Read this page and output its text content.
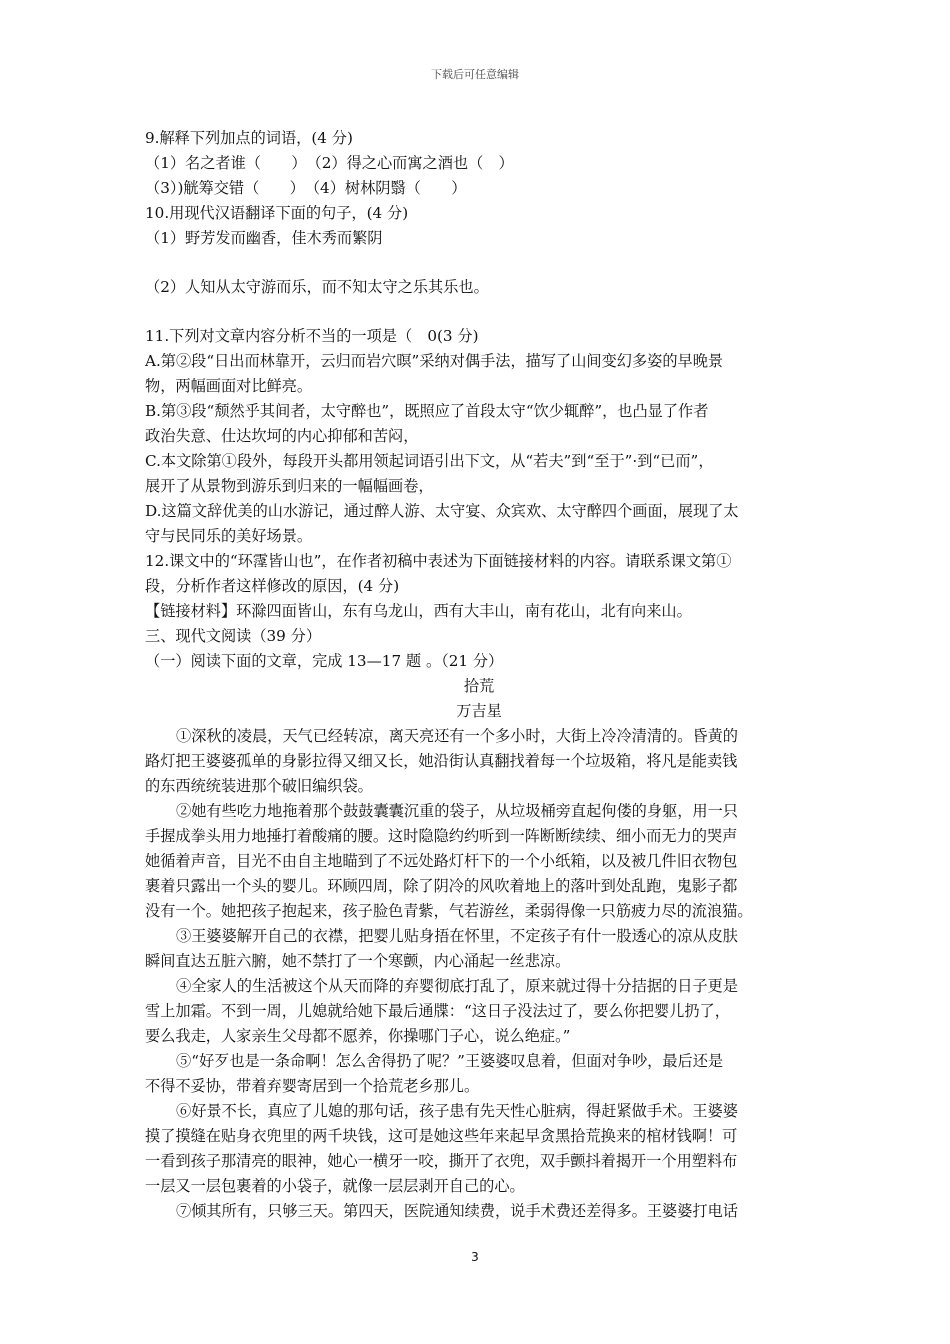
下载后可任意编辑
9.解释下列加点的词语，(4 分)
（1）名之者谁（　　）　（2）得之心而寓之酒也（　）
（3）)觥筹交错（　　）　（4）树林阴翳（　　）
10.用现代汉语翻译下面的句子，(4 分)
（1）野芳发而幽香，佳木秀而繁阴
（2）人知从太守游而乐，而不知太守之乐其乐也。
11.下列对文章内容分析不当的一项是（　0(3 分)
A.第②段“日出而林靠开，云归而岩穴暝”采纳对偶手法，描写了山间变幻多姿的早晚景
物，两幅画面对比鲜亮。
B.第③段“颓然乎其间者，太守醉也”，既照应了首段太守“饮少辄醉”，也凸显了作者
政治失意、仕达坎坷的内心抑郁和苦闷，
C.本文除第①段外，每段开头都用领起词语引出下文，从“若夫”到“至于”·到“已而”，
展开了从景物到游乐到归来的一幅幅画卷，
D.这篇文辞优美的山水游记，通过醉人游、太守宴、众宾欢、太守醉四个画面，展现了太
守与民同乐的美好场景。
12.课文中的“环霪皆山也”，在作者初稿中表述为下面链接材料的内容。请联系课文第①
段，分析作者这样修改的原因，(4 分)
【链接材料】环滁四面皆山，东有乌龙山，西有大丰山，南有花山，北有向来山。
三、现代文阅读（39 分）
（一）阅读下面的文章，完成 13—17 题 。（21 分）
拾荒
万吉星
①深秋的凌晨，天气已经转凉，离天亮还有一个多小时，大街上冷冷清清的。昏黄的
路灯把王婆婆孤单的身影拉得又细又长，她沿街认真翻找着每一个垃圾箱，将凡是能卖钱
的东西统统装进那个破旧编织袋。
②她有些吃力地拖着那个鼓鼓囊囊沉重的袋子，从垃圾桶旁直起佝偻的身躯，用一只
手握成拳头用力地捶打着酸痛的腰。这时隐隐约约听到一阵断断续续、细小而无力的哭声
她循着声音，目光不由自主地瞄到了不远处路灯杆下的一个小纸箱，以及被几件旧衣物包
裹着只露出一个头的婴儿。环顾四周，除了阴冷的风吹着地上的落叶到处乱跑，鬼影子都
没有一个。她把孩子抱起来，孩子脸色青紫，气若游丝，柔弱得像一只筋疲力尽的流浪猫。
③王婆婆解开自己的衣襟，把婴儿贴身捂在怀里，不定孩子有什一股透心的凉从皮肤
瞬间直达五脏六腑，她不禁打了一个寒颤，内心涌起一丝悲凉。
④全家人的生活被这个从天而降的弃婴彻底打乱了，原来就过得十分拮据的日子更是
雪上加霜。不到一周，儿媳就给她下最后通牒：“这日子没法过了，要么你把婴儿扔了，
要么我走，人家亲生父母都不愿养，你操哪门子心，说么绝症。”
⑤“好歹也是一条命啊！怎么舍得扔了呢？”王婆婆叹息着，但面对争吵，最后还是
不得不妥协，带着弃婴寄居到一个拾荒老乡那儿。
⑥好景不长，真应了儿媳的那句话，孩子患有先天性心脏病，得赶紧做手术。王婆婆
摸了摸缝在贴身衣兜里的两千块钱，这可是她这些年来起早贪黑拾荒换来的棺材钱啊！可
一看到孩子那清亮的眼神，她心一横牙一咬，撕开了衣兜，双手颤抖着揭开一个用塑料布
一层又一层包裹着的小袋子，就像一层层剥开自己的心。
⑦倾其所有，只够三天。第四天，医院通知续费，说手术费还差得多。王婆婆打电话
3
